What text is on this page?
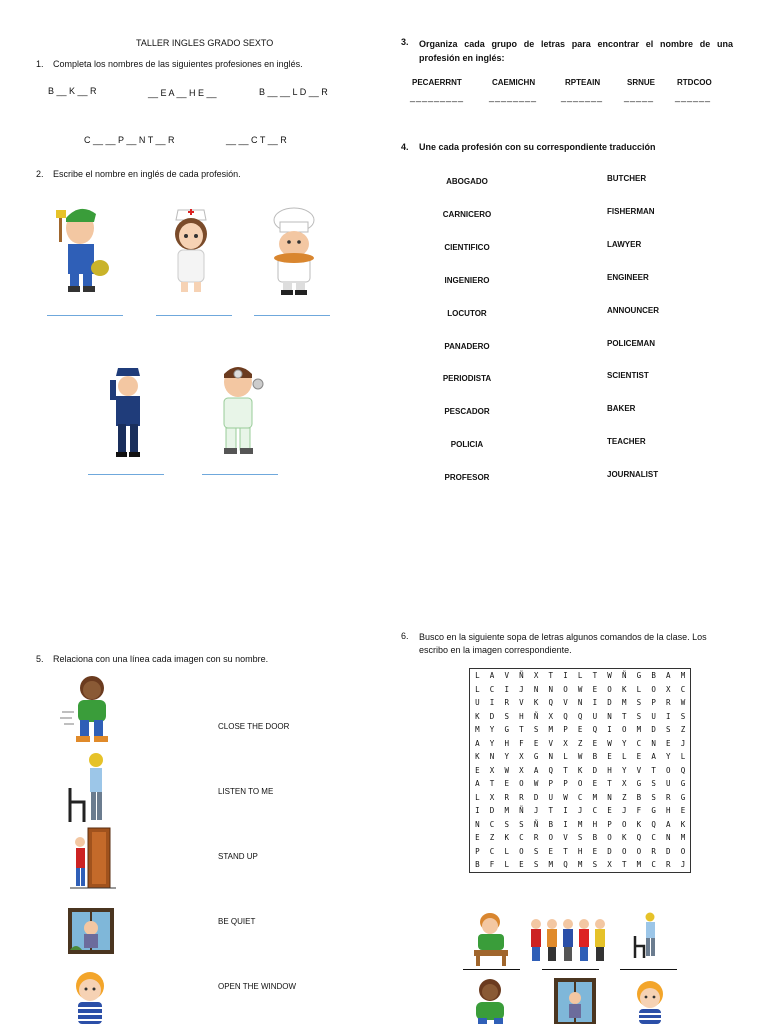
TALLER INGLES GRADO SEXTO
1. Completa los nombres de las siguientes profesiones en inglés.
B __ K __ R	__ E A __ H E __	B __ __ L D __ R
C __ __ P __ N T __ R	__ __ C T __ R
2. Escribe el nombre en inglés de cada profesión.
5. Relaciona con una línea cada imagen con su nombre.
CLOSE THE DOOR
LISTEN TO ME
STAND UP
BE QUIET
OPEN THE WINDOW
3. Organiza cada grupo de letras para encontrar el nombre de una profesión en inglés:
PECAERRNT	CAEMICHN	RPTEAIN	SRNUE	RTDCOO
_________	________	_______ _____ ______
4. Une cada profesión con su correspondiente traducción
ABOGADO
CARNICERO
CIENTIFICO
INGENIERO
LOCUTOR
PANADERO
PERIODISTA
PESCADOR
POLICIA
PROFESOR
BUTCHER
FISHERMAN
LAWYER
ENGINEER
ANNOUNCER
POLICEMAN
SCIENTIST
BAKER
TEACHER
JOURNALIST
6. Busco en la siguiente sopa de letras algunos comandos de la clase. Los escribo en la imagen correspondiente.
L	A	V	Ñ	X	T	I	L	T	W	Ñ	G	B	A	M
L	C	I	J	N	N	O	W	E	O	K	L	O	X	C
U	I	R	V	K	Q	V	N	I	D	M	S	P	R	W
K	D	S	H	Ñ	X	Q	Q	U	N	T	S	U	I	S
M	Y	G	T	S	M	P	E	Q	I	O	M	D	S	Z
A	Y	H	F	E	V	X	Z	E	W	Y	C	N	E	J
K	N	Y	X	G	N	L	W	B	E	L	E	A	Y	L
E	X	W	X	A	Q	T	K	D	H	Y	V	T	O	Q
A	T	E	O	W	P	P	O	E	T	X	G	S	U	G
L	X	R	R	D	U	W	C	M	N	Z	B	S	R	G
I	D	M	Ñ	J	T	I	J	C	E	J	F	G	H	E
N	C	S	S	Ñ	B	I	M	H	P	O	K	Q	A	K
E	Z	K	C	R	O	V	S	B	O	K	Q	C	N	M
P	C	L	O	S	E	T	H	E	D	O	O	R	D	O
B	F	L	E	S	M	Q	M	S	X	T	M	C	R	J
